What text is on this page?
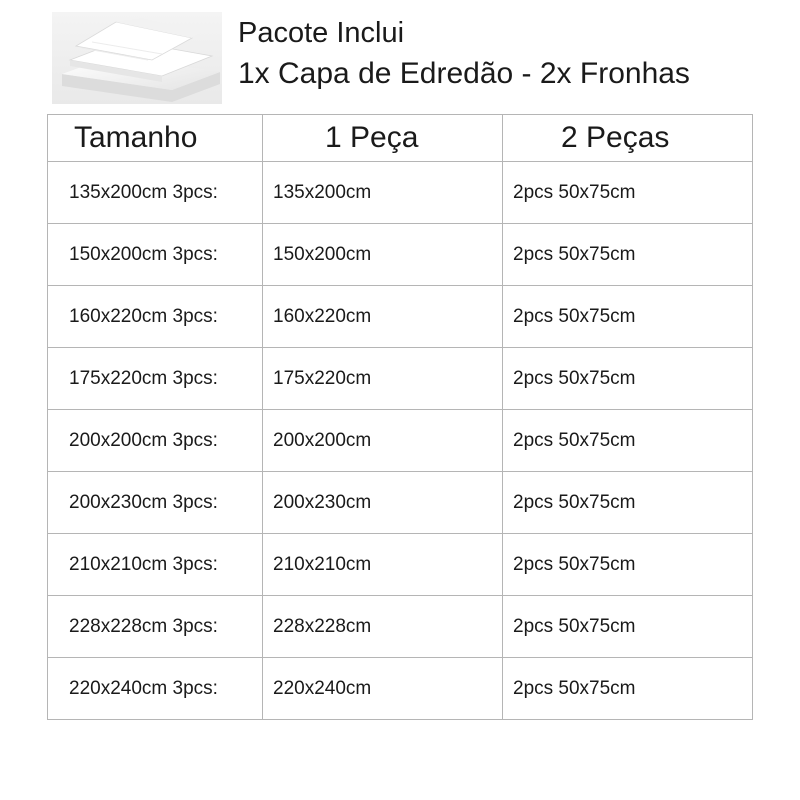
Pacote Inclui
1x Capa de Edredão - 2x Fronhas
Tamanho	1 Peça	2 Peças
135x200cm 3pcs:	135x200cm	2pcs 50x75cm
150x200cm 3pcs:	150x200cm	2pcs 50x75cm
160x220cm 3pcs:	160x220cm	2pcs 50x75cm
175x220cm 3pcs:	175x220cm	2pcs 50x75cm
200x200cm 3pcs:	200x200cm	2pcs 50x75cm
200x230cm 3pcs:	200x230cm	2pcs 50x75cm
210x210cm 3pcs:	210x210cm	2pcs 50x75cm
228x228cm 3pcs:	228x228cm	2pcs 50x75cm
220x240cm 3pcs:	220x240cm	2pcs 50x75cm
